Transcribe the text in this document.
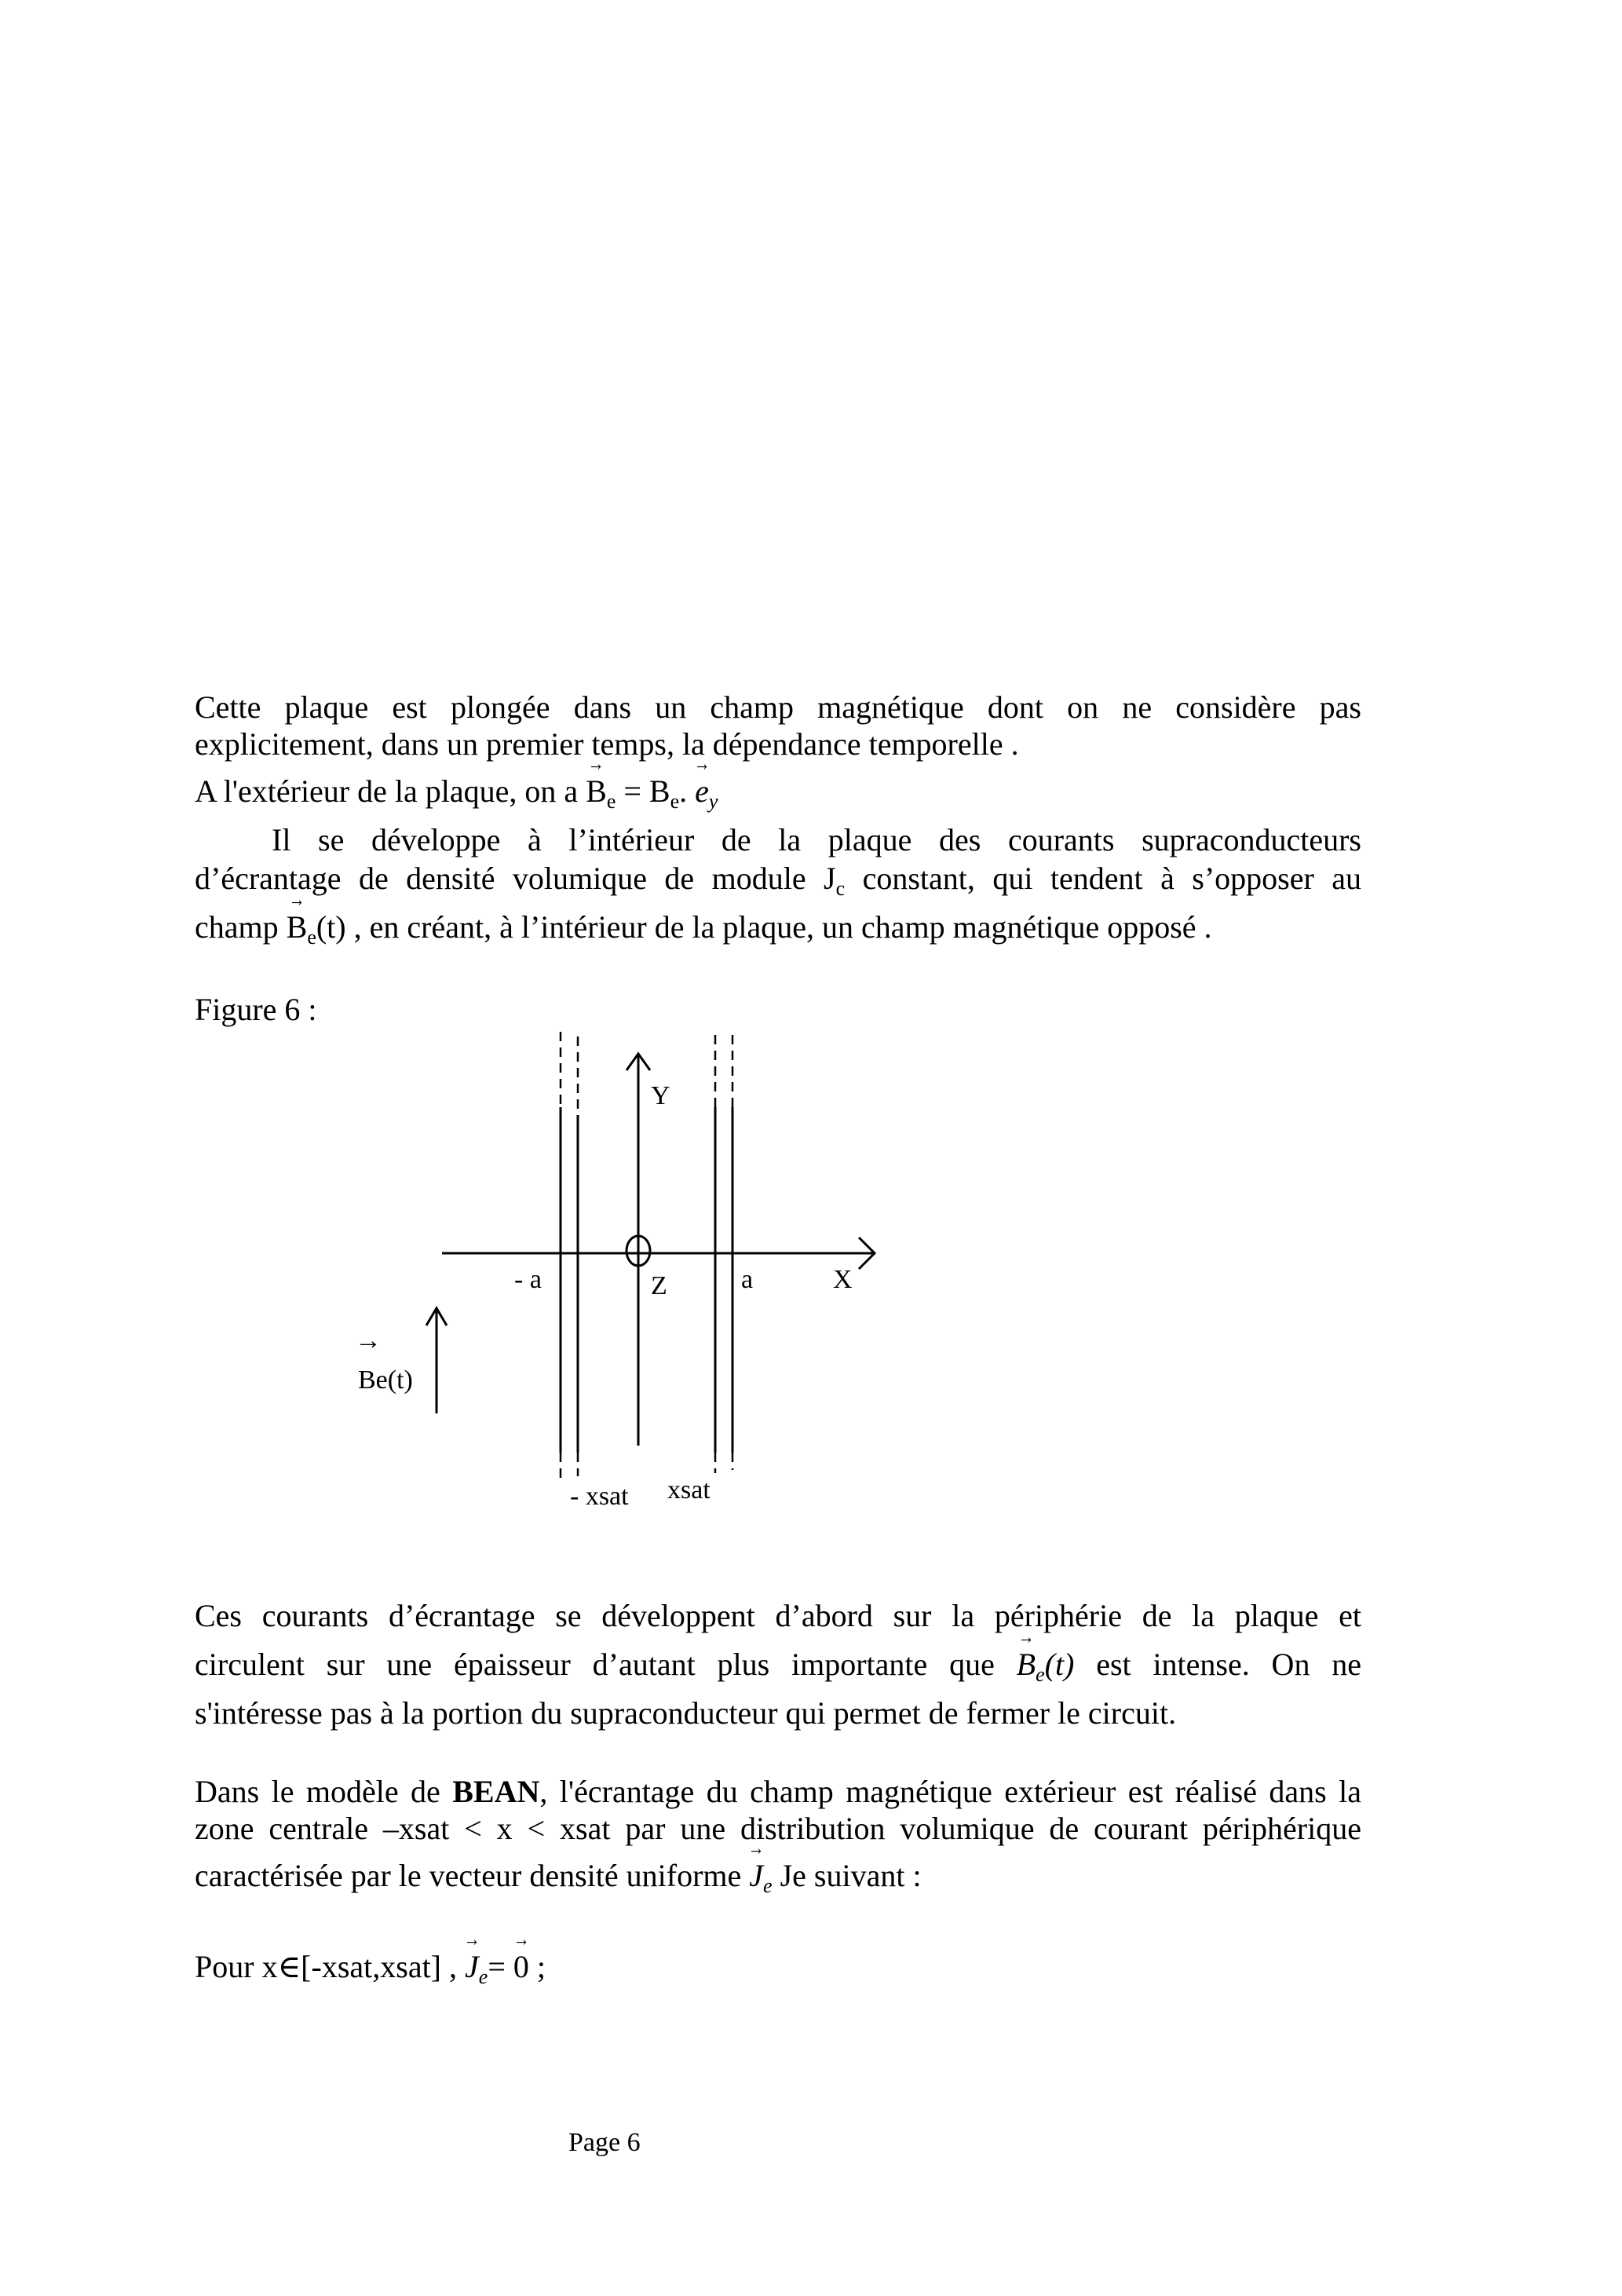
Cette plaque est plongée dans un champ magnétique dont on ne considère pas
explicitement, dans un premier temps, la dépendance temporelle .
A l'extérieur de la plaque, on $a \to B_e = B_e$. → $e_y$
Il se développe à l’intérieur de la plaque des courants supraconducteurs
d’écrantage de densité volumique de module $J_c$ constant, qui tendent à s’opposer au
champ → $B_e(t)$ , en créant, à l’intérieur de la plaque, un champ magnétique opposé .
Figure 6 :
Y
X
Z
- a	a
→
Be(t)
- xsat xsat
Ces courants d’écrantage se développent d’abord sur la périphérie de la plaque et
circulent sur une épaisseur d’autant plus importante que → $B_e(t)$ est intense. On ne
s'intéresse pas à la portion du supraconducteur qui permet de fermer le circuit.
Dans le modèle de BEAN, l'écrantage du champ magnétique extérieur est réalisé dans la
zone centrale –xsat < x < xsat par une distribution volumique de courant périphérique
caractérisée par le vecteur densité uniforme → $J_e$ Je suivant :
Pour x∈[-xsat,xsat] , → $J_e= \to 0$ ;
Page 6
